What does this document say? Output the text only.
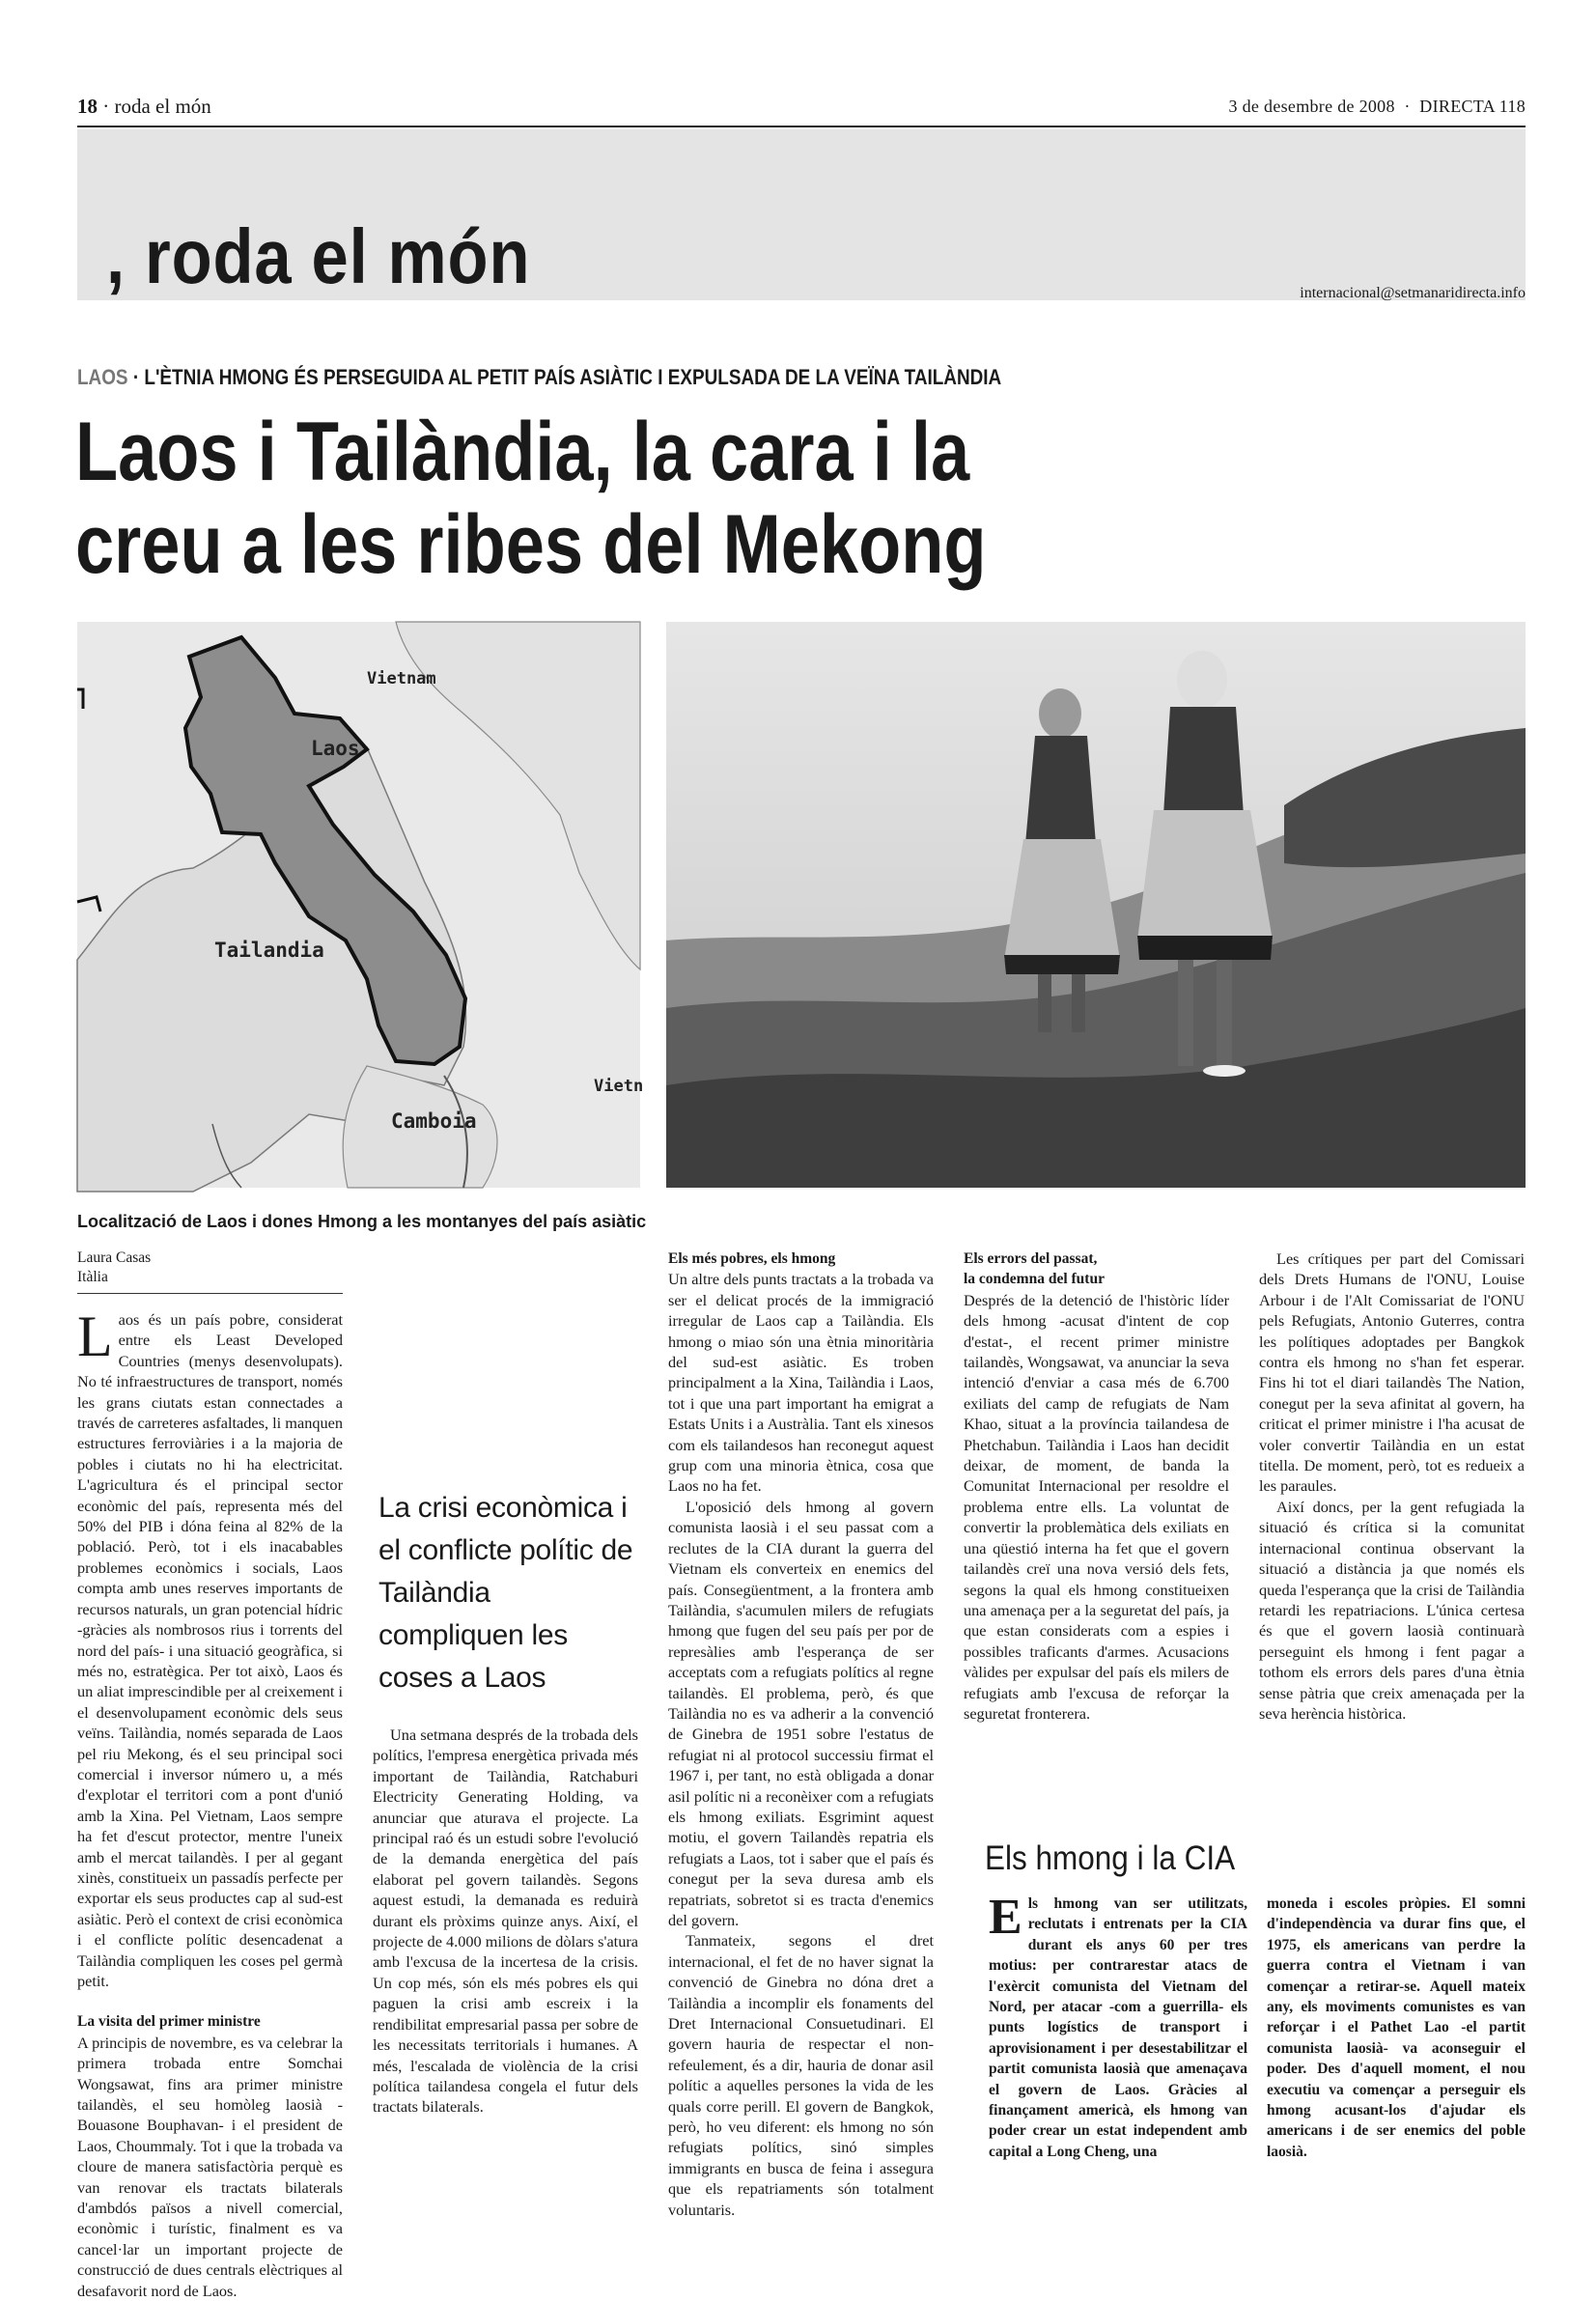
18 · roda el món	3 de desembre de 2008 · DIRECTA 118
, roda el món	internacional@setmanaridirecta.info
LAOS · L'ÈTNIA HMONG ÉS PERSEGUIDA AL PETIT PAÍS ASIÀTIC I EXPULSADA DE LA VEÏNA TAILÀNDIA
Laos i Tailàndia, la cara i la
creu a les ribes del Mekong
Vietnam
Laos
Tailandia
Vietn
Camboia
Localització de Laos i dones Hmong a les montanyes del país asiàtic
Laura Casas
Itàlia

Laos és un país pobre, considerat entre els Least Developed Countries (menys desenvolupats). No té infraestructures de transport, només les grans ciutats estan connectades a través de carreteres asfaltades, li manquen estructures ferroviàries i a la majoria de pobles i ciutats no hi ha electricitat. L'agricultura és el principal sector econòmic del país, representa més del 50% del PIB i dóna feina al 82% de la població. Però, tot i els inacabables problemes econòmics i socials, Laos compta amb unes reserves importants de recursos naturals, un gran potencial hídric -gràcies als nombrosos rius i torrents del nord del país- i una situació geogràfica, si més no, estratègica. Per tot això, Laos és un aliat imprescindible per al creixement i el desenvolupament econòmic dels seus veïns. Tailàndia, només separada de Laos pel riu Mekong, és el seu principal soci comercial i inversor número u, a més d'explotar el territori com a pont d'unió amb la Xina. Pel Vietnam, Laos sempre ha fet d'escut protector, mentre l'uneix amb el mercat tailandès. I per al gegant xinès, constitueix un passadís perfecte per exportar els seus productes cap al sud-est asiàtic. Però el context de crisi econòmica i el conflicte polític desencadenat a Tailàndia compliquen les coses pel germà petit.

La visita del primer ministre

A principis de novembre, es va celebrar la primera trobada entre Somchai Wongsawat, fins ara primer ministre tailandès, el seu homòleg laosià -Bouasone Bouphavan- i el president de Laos, Choummaly. Tot i que la trobada va cloure de manera satisfactòria perquè es van renovar els tractats bilaterals d'ambdós països a nivell comercial, econòmic i turístic, finalment es va cancel·lar un important projecte de construcció de dues centrals elèctriques al desafavorit nord de Laos.

La crisi econòmica i el conflicte polític de Tailàndia compliquen les coses a Laos

Una setmana després de la trobada dels polítics, l'empresa energètica privada més important de Tailàndia, Ratchaburi Electricity Generating Holding, va anunciar que aturava el projecte. La principal raó és un estudi sobre l'evolució de la demanda energètica del país elaborat pel govern tailandès. Segons aquest estudi, la demanada es reduirà durant els pròxims quinze anys. Així, el projecte de 4.000 milions de dòlars s'atura amb l'excusa de la incertesa de la crisis. Un cop més, són els més pobres els qui paguen la crisi amb escreix i la rendibilitat empresarial passa per sobre de les necessitats territorials i humanes. A més, l'escalada de violència de la crisi política tailandesa congela el futur dels tractats bilaterals.

Els més pobres, els hmong

Un altre dels punts tractats a la trobada va ser el delicat procés de la immigració irregular de Laos cap a Tailàndia. Els hmong o miao són una ètnia minoritària del sud-est asiàtic. Es troben principalment a la Xina, Tailàndia i Laos, tot i que una part important ha emigrat a Estats Units i a Austràlia. Tant els xinesos com els tailandesos han reconegut aquest grup com una minoria ètnica, cosa que Laos no ha fet.

L'oposició dels hmong al govern comunista laosià i el seu passat com a reclutes de la CIA durant la guerra del Vietnam els converteix en enemics del país. Consegüentment, a la frontera amb Tailàndia, s'acumulen milers de refugiats hmong que fugen del seu país per por de represàlies amb l'esperança de ser acceptats com a refugiats polítics al regne tailandès. El problema, però, és que Tailàndia no es va adherir a la convenció de Ginebra de 1951 sobre l'estatus de refugiat ni al protocol successiu firmat el 1967 i, per tant, no està obligada a donar asil polític ni a reconèixer com a refugiats els hmong exiliats. Esgrimint aquest motiu, el govern Tailandès repatria els refugiats a Laos, tot i saber que el país és conegut per la seva duresa amb els repatriats, sobretot si es tracta d'enemics del govern.

Tanmateix, segons el dret internacional, el fet de no haver signat la convenció de Ginebra no dóna dret a Tailàndia a incomplir els fonaments del Dret Internacional Consuetudinari. El govern hauria de respectar el non-refeulement, és a dir, hauria de donar asil polític a aquelles persones la vida de les quals corre perill. El govern de Bangkok, però, ho veu diferent: els hmong no són refugiats polítics, sinó simples immigrants en busca de feina i assegura que els repatriaments són totalment voluntaris.

Els errors del passat,
la condemna del futur

Després de la detenció de l'històric líder dels hmong -acusat d'intent de cop d'estat-, el recent primer ministre tailandès, Wongsawat, va anunciar la seva intenció d'enviar a casa més de 6.700 exiliats del camp de refugiats de Nam Khao, situat a la província tailandesa de Phetchabun. Tailàndia i Laos han decidit deixar, de moment, de banda la Comunitat Internacional per resoldre el problema entre ells. La voluntat de convertir la problemàtica dels exiliats en una qüestió interna ha fet que el govern tailandès creï una nova versió dels fets, segons la qual els hmong constitueixen una amenaça per a la seguretat del país, ja que estan considerats com a espies i possibles traficants d'armes. Acusacions vàlides per expulsar del país els milers de refugiats amb l'excusa de reforçar la seguretat fronterera.

Les crítiques per part del Comissari dels Drets Humans de l'ONU, Louise Arbour i de l'Alt Comissariat de l'ONU pels Refugiats, Antonio Guterres, contra les polítiques adoptades per Bangkok contra els hmong no s'han fet esperar. Fins hi tot el diari tailandès The Nation, conegut per la seva afinitat al govern, ha criticat el primer ministre i l'ha acusat de voler convertir Tailàndia en un estat titella. De moment, però, tot es redueix a les paraules.

Així doncs, per la gent refugiada la situació és crítica si la comunitat internacional continua observant la situació a distància ja que només els queda l'esperança que la crisi de Tailàndia retardi les repatriacions. L'única certesa és que el govern laosià continuarà perseguint els hmong i fent pagar a tothom els errors dels pares d'una ètnia sense pàtria que creix amenaçada per la seva herència històrica.

Els hmong i la CIA
Els hmong van ser utilitzats, reclutats i entrenats per la CIA durant els anys 60 per tres motius: per contrarestar atacs de l'exèrcit comunista del Vietnam del Nord, per atacar -com a guerrilla- els punts logístics de transport i aprovisionament i per desestabilitzar el partit comunista laosià que amenaçava el govern de Laos. Gràcies al finançament americà, els hmong van poder crear un estat independent amb capital a Long Cheng, una
moneda i escoles pròpies. El somni d'independència va durar fins que, el 1975, els americans van perdre la guerra contra el Vietnam i van començar a retirar-se. Aquell mateix any, els moviments comunistes es van reforçar i el Pathet Lao -el partit comunista laosià- va aconseguir el poder. Des d'aquell moment, el nou executiu va començar a perseguir els hmong acusant-los d'ajudar els americans i de ser enemics del poble laosià.
